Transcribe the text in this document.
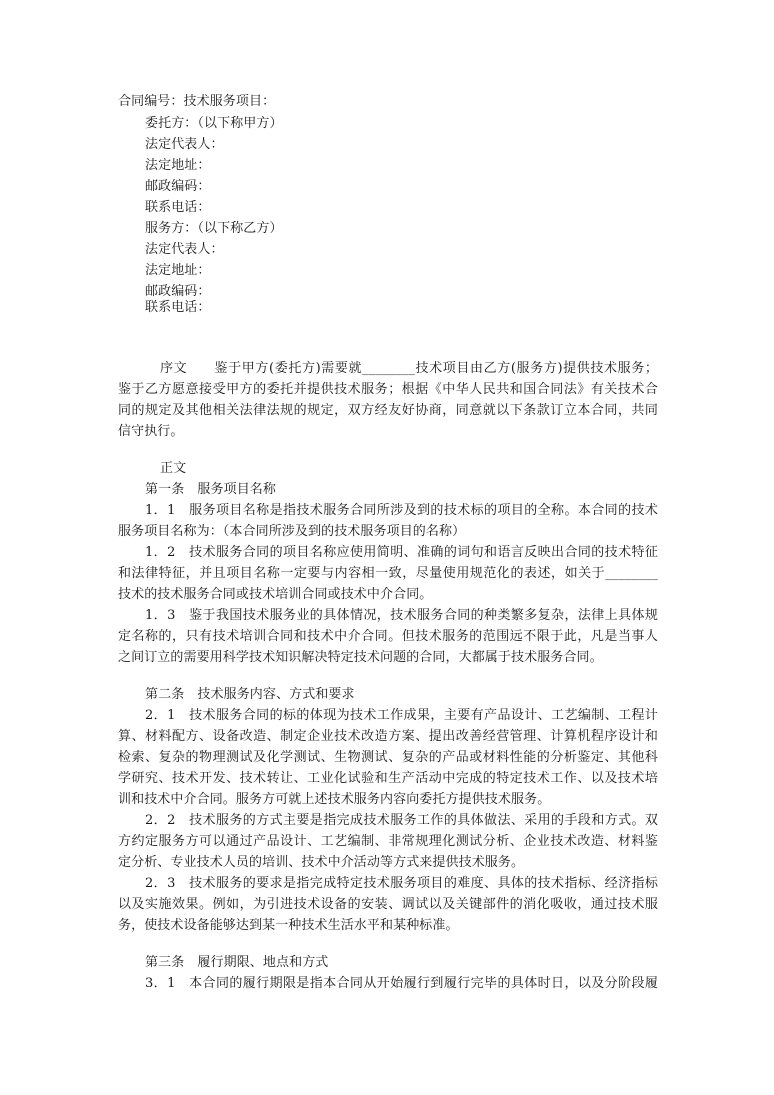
合同编号：技术服务项目：
委托方：（以下称甲方）
法定代表人：
法定地址：
邮政编码：
联系电话：
服务方：（以下称乙方）
法定代表人：
法定地址：
邮政编码：
联系电话：
序文　　鉴于甲方(委托方)需要就________技术项目由乙方(服务方)提供技术服务；
鉴于乙方愿意接受甲方的委托并提供技术服务；根据《中华人民共和国合同法》有关技术合
同的规定及其他相关法律法规的规定，双方经友好协商，同意就以下条款订立本合同，共同
信守执行。
正文
第一条　服务项目名称
1．1　服务项目名称是指技术服务合同所涉及到的技术标的项目的全称。本合同的技术
服务项目名称为：（本合同所涉及到的技术服务项目的名称）
1．2　技术服务合同的项目名称应使用简明、准确的词句和语言反映出合同的技术特征
和法律特征，并且项目名称一定要与内容相一致，尽量使用规范化的表述，如关于________
技术的技术服务合同或技术培训合同或技术中介合同。
1．3　鉴于我国技术服务业的具体情况，技术服务合同的种类繁多复杂，法律上具体规
定名称的，只有技术培训合同和技术中介合同。但技术服务的范围远不限于此，凡是当事人
之间订立的需要用科学技术知识解决特定技术问题的合同，大都属于技术服务合同。
第二条　技术服务内容、方式和要求
2．1　技术服务合同的标的体现为技术工作成果，主要有产品设计、工艺编制、工程计
算、材料配方、设备改造、制定企业技术改造方案、提出改善经营管理、计算机程序设计和
检索、复杂的物理测试及化学测试、生物测试、复杂的产品或材料性能的分析鉴定、其他科
学研究、技术开发、技术转让、工业化试验和生产活动中完成的特定技术工作、以及技术培
训和技术中介合同。服务方可就上述技术服务内容向委托方提供技术服务。
2．2　技术服务的方式主要是指完成技术服务工作的具体做法、采用的手段和方式。双
方约定服务方可以通过产品设计、工艺编制、非常规理化测试分析、企业技术改造、材料鉴
定分析、专业技术人员的培训、技术中介活动等方式来提供技术服务。
2．3　技术服务的要求是指完成特定技术服务项目的难度、具体的技术指标、经济指标
以及实施效果。例如，为引进技术设备的安装、调试以及关键部件的消化吸收，通过技术服
务，使技术设备能够达到某一种技术生活水平和某种标准。
第三条　履行期限、地点和方式
3．1　本合同的履行期限是指本合同从开始履行到履行完毕的具体时日，以及分阶段履
